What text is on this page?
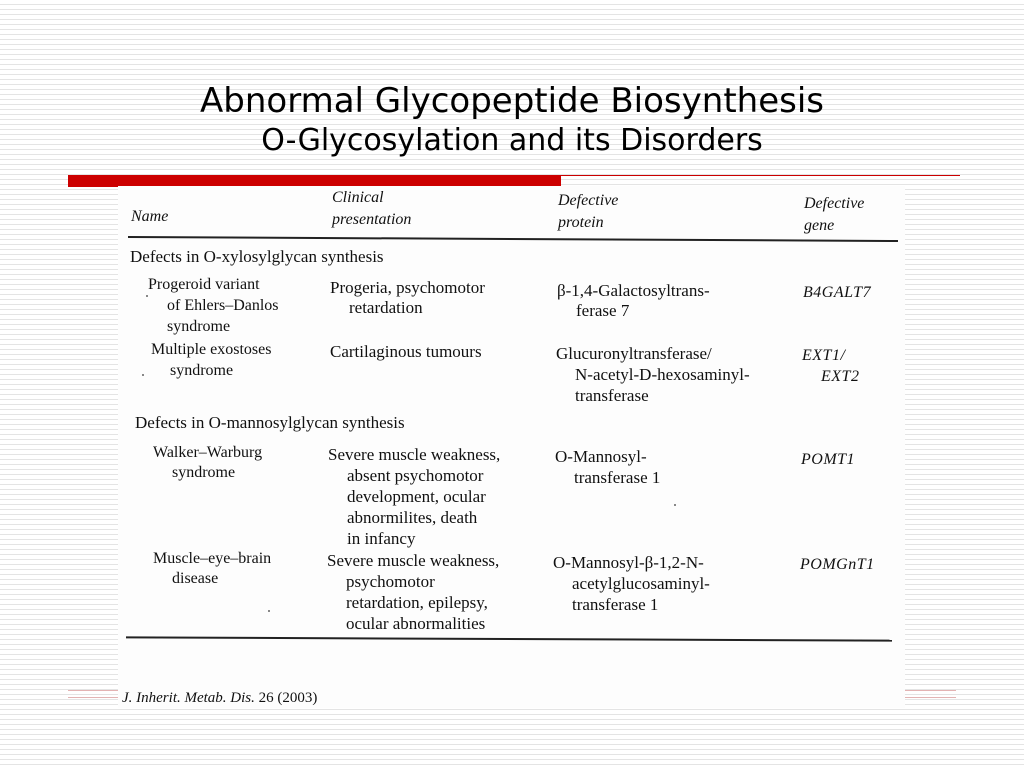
Abnormal Glycopeptide Biosynthesis
O-Glycosylation and its Disorders
Name
Clinical
presentation
Defective
protein
Defective
gene
Defects in O-xylosylglycan synthesis
Progeroid variant
of Ehlers–Danlos
syndrome
Progeria, psychomotor
retardation
β-1,4-Galactosyltrans-
ferase 7
B4GALT7
Multiple exostoses
syndrome
Cartilaginous tumours	Glucuronyltransferase/
N-acetyl-D-hexosaminyl-
transferase
EXT1/
EXT2
Defects in O-mannosylglycan synthesis
Walker–Warburg
syndrome
Severe muscle weakness,
absent psychomotor
development, ocular
abnormilites, death
in infancy
O-Mannosyl-
transferase 1
POMT1
Muscle–eye–brain
disease
Severe muscle weakness,
psychomotor
retardation, epilepsy,
ocular abnormalities
O-Mannosyl-β-1,2-N-
acetylglucosaminyl-
transferase 1
POMGnT1
J. Inherit. Metab. Dis. 26 (2003)
